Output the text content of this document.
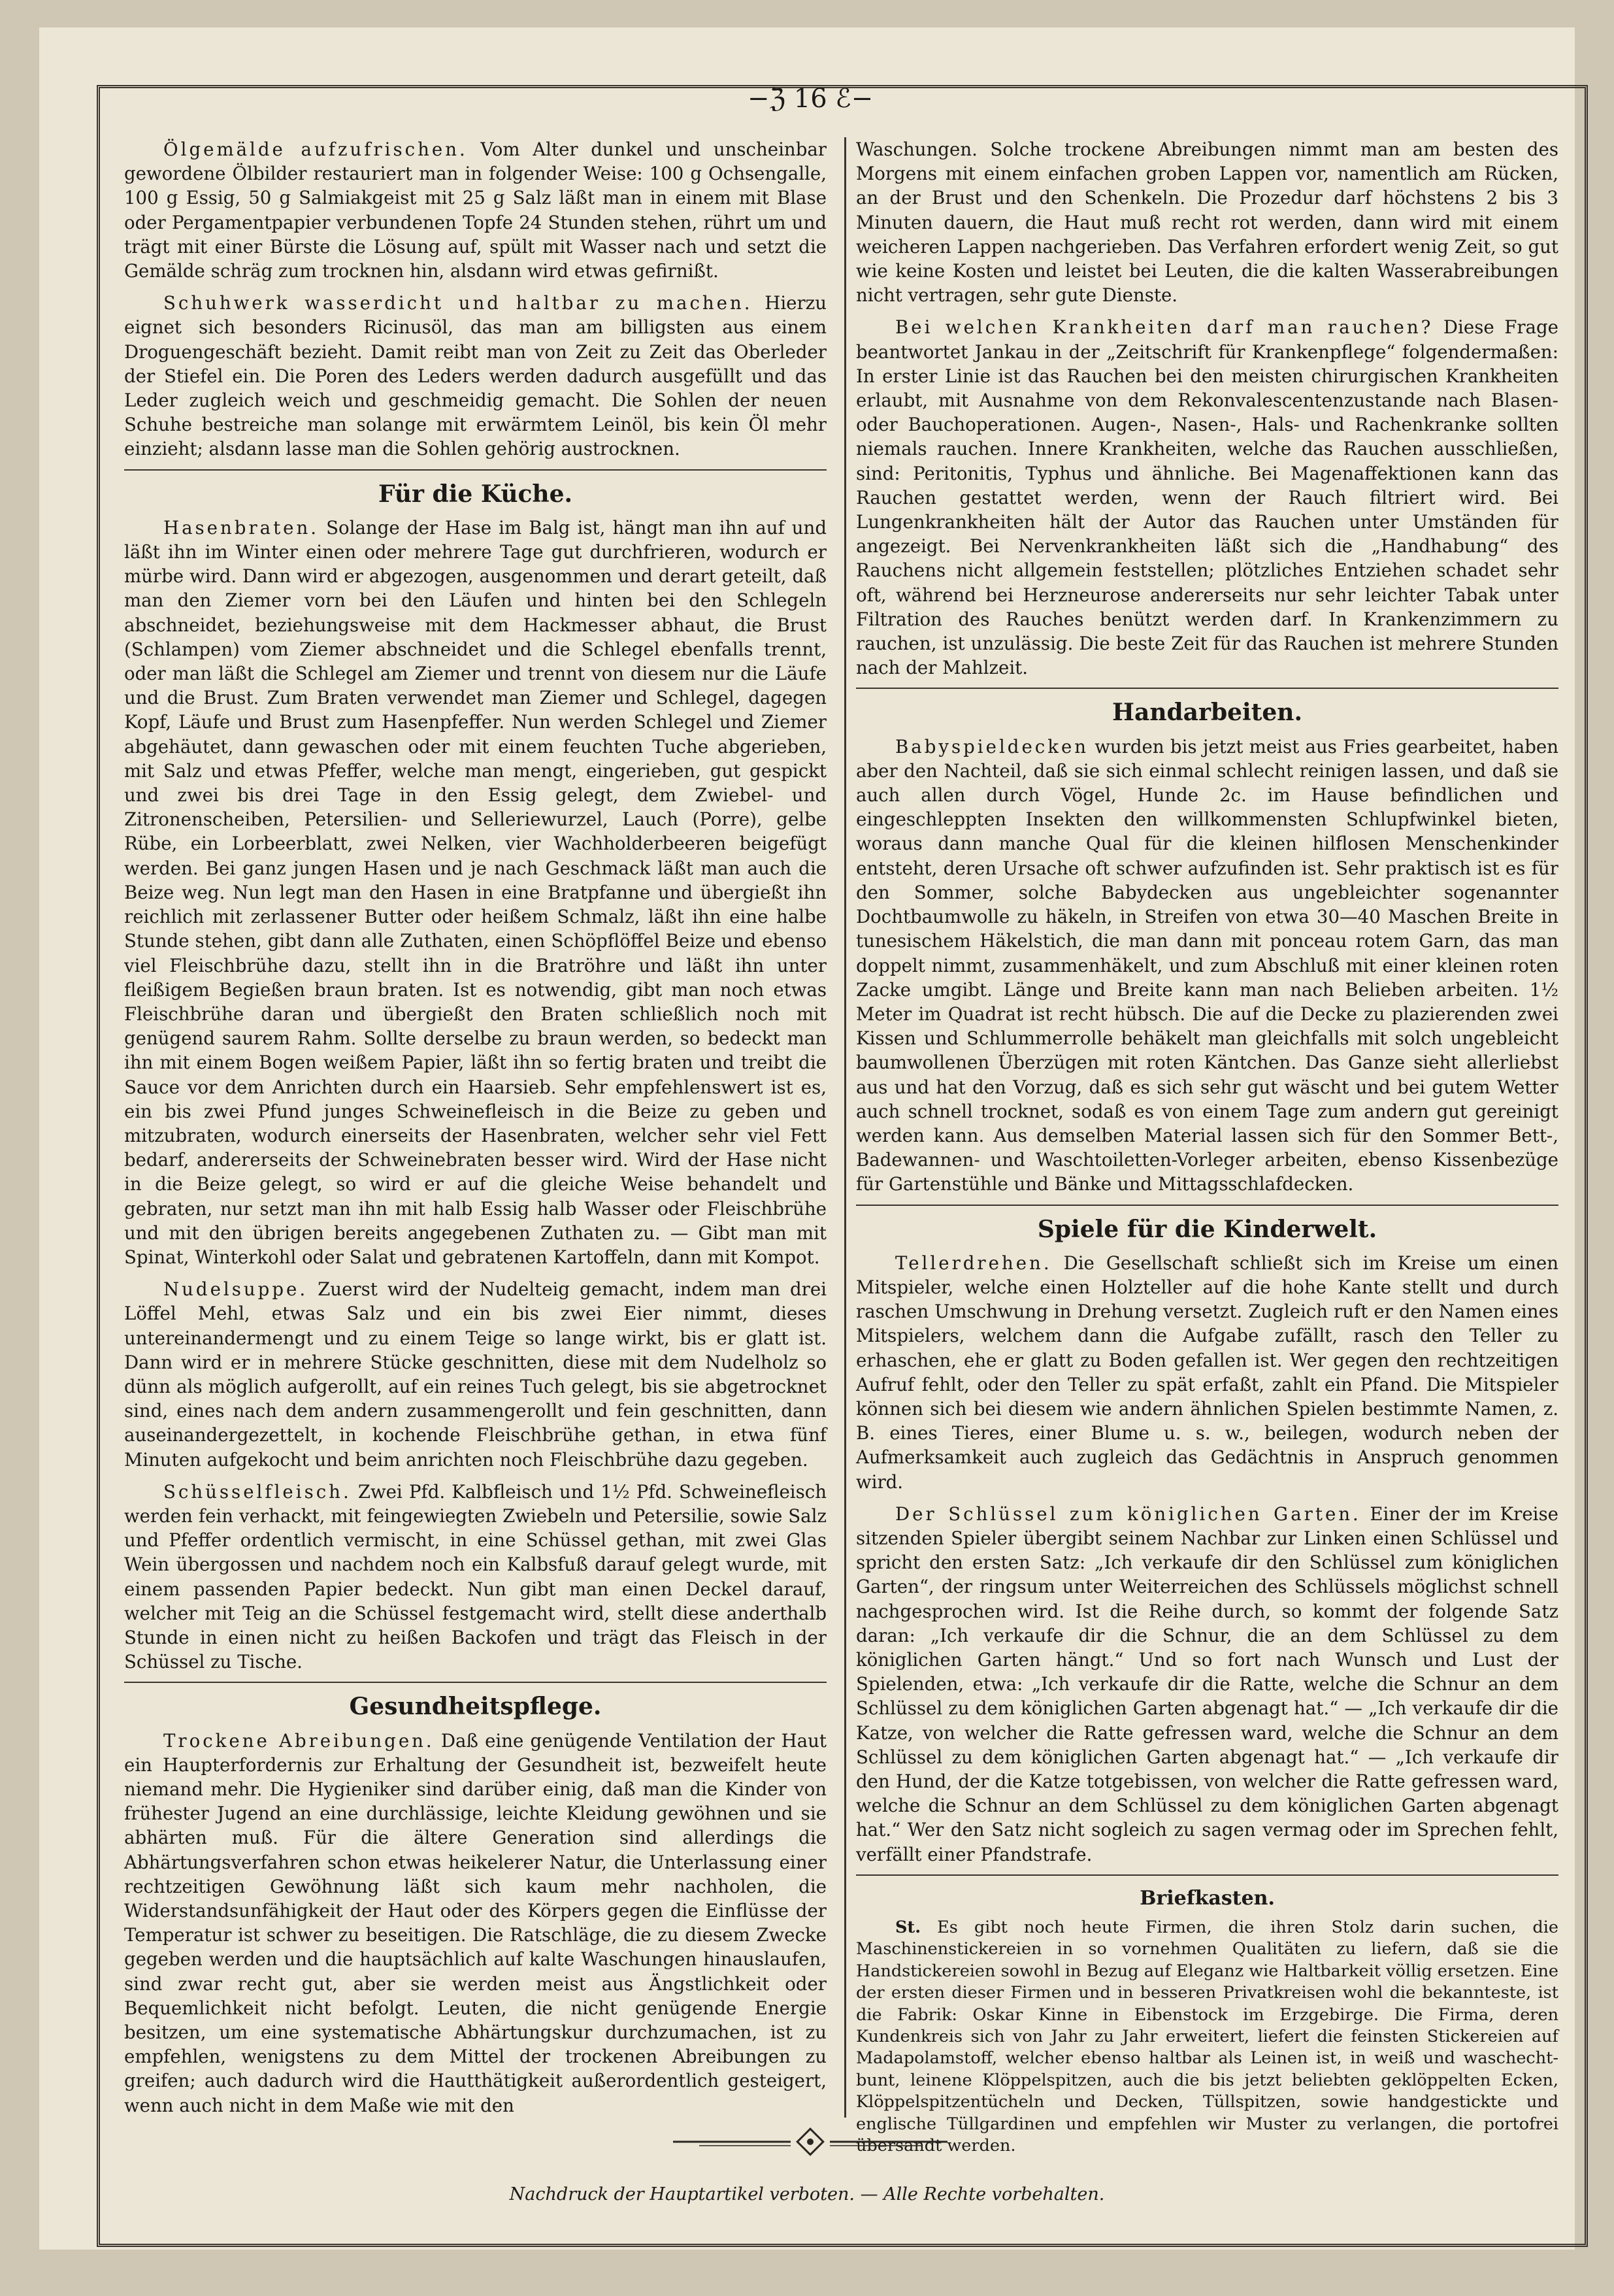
−ℨ 16 ℰ−

Ölgemälde aufzufrischen. Vom Alter dunkel und unscheinbar gewordene Ölbilder restauriert man in folgender Weise: 100 g Ochsengalle, 100 g Essig, 50 g Salmiakgeist mit 25 g Salz läßt man in einem mit Blase oder Pergamentpapier verbundenen Topfe 24 Stunden stehen, rührt um und trägt mit einer Bürste die Lösung auf, spült mit Wasser nach und setzt die Gemälde schräg zum trocknen hin, alsdann wird etwas gefirnißt.

Schuhwerk wasserdicht und haltbar zu machen. Hierzu eignet sich besonders Ricinusöl, das man am billigsten aus einem Droguengeschäft bezieht. Damit reibt man von Zeit zu Zeit das Oberleder der Stiefel ein. Die Poren des Leders werden dadurch ausgefüllt und das Leder zugleich weich und geschmeidig gemacht. Die Sohlen der neuen Schuhe bestreiche man solange mit erwärmtem Leinöl, bis kein Öl mehr einzieht; alsdann lasse man die Sohlen gehörig austrocknen.

Für die Küche.

Hasenbraten. Solange der Hase im Balg ist, hängt man ihn auf und läßt ihn im Winter einen oder mehrere Tage gut durchfrieren, wodurch er mürbe wird. Dann wird er abgezogen, ausgenommen und derart geteilt, daß man den Ziemer vorn bei den Läufen und hinten bei den Schlegeln abschneidet, beziehungsweise mit dem Hackmesser abhaut, die Brust (Schlampen) vom Ziemer abschneidet und die Schlegel ebenfalls trennt, oder man läßt die Schlegel am Ziemer und trennt von diesem nur die Läufe und die Brust. Zum Braten verwendet man Ziemer und Schlegel, dagegen Kopf, Läufe und Brust zum Hasenpfeffer. Nun werden Schlegel und Ziemer abgehäutet, dann gewaschen oder mit einem feuchten Tuche abgerieben, mit Salz und etwas Pfeffer, welche man mengt, eingerieben, gut gespickt und zwei bis drei Tage in den Essig gelegt, dem Zwiebel- und Zitronenscheiben, Petersilien- und Selleriewurzel, Lauch (Porre), gelbe Rübe, ein Lorbeerblatt, zwei Nelken, vier Wachholderbeeren beigefügt werden. Bei ganz jungen Hasen und je nach Geschmack läßt man auch die Beize weg. Nun legt man den Hasen in eine Bratpfanne und übergießt ihn reichlich mit zerlassener Butter oder heißem Schmalz, läßt ihn eine halbe Stunde stehen, gibt dann alle Zuthaten, einen Schöpflöffel Beize und ebenso viel Fleischbrühe dazu, stellt ihn in die Bratröhre und läßt ihn unter fleißigem Begießen braun braten. Ist es notwendig, gibt man noch etwas Fleischbrühe daran und übergießt den Braten schließlich noch mit genügend saurem Rahm. Sollte derselbe zu braun werden, so bedeckt man ihn mit einem Bogen weißem Papier, läßt ihn so fertig braten und treibt die Sauce vor dem Anrichten durch ein Haarsieb. Sehr empfehlenswert ist es, ein bis zwei Pfund junges Schweinefleisch in die Beize zu geben und mitzubraten, wodurch einerseits der Hasenbraten, welcher sehr viel Fett bedarf, andererseits der Schweinebraten besser wird. Wird der Hase nicht in die Beize gelegt, so wird er auf die gleiche Weise behandelt und gebraten, nur setzt man ihn mit halb Essig halb Wasser oder Fleischbrühe und mit den übrigen bereits angegebenen Zuthaten zu. — Gibt man mit Spinat, Winterkohl oder Salat und gebratenen Kartoffeln, dann mit Kompot.

Nudelsuppe. Zuerst wird der Nudelteig gemacht, indem man drei Löffel Mehl, etwas Salz und ein bis zwei Eier nimmt, dieses untereinandermengt und zu einem Teige so lange wirkt, bis er glatt ist. Dann wird er in mehrere Stücke geschnitten, diese mit dem Nudelholz so dünn als möglich aufgerollt, auf ein reines Tuch gelegt, bis sie abgetrocknet sind, eines nach dem andern zusammengerollt und fein geschnitten, dann auseinandergezettelt, in kochende Fleischbrühe gethan, in etwa fünf Minuten aufgekocht und beim anrichten noch Fleischbrühe dazu gegeben.

Schüsselfleisch. Zwei Pfd. Kalbfleisch und 1½ Pfd. Schweinefleisch werden fein verhackt, mit feingewiegten Zwiebeln und Petersilie, sowie Salz und Pfeffer ordentlich vermischt, in eine Schüssel gethan, mit zwei Glas Wein übergossen und nachdem noch ein Kalbsfuß darauf gelegt wurde, mit einem passenden Papier bedeckt. Nun gibt man einen Deckel darauf, welcher mit Teig an die Schüssel festgemacht wird, stellt diese anderthalb Stunde in einen nicht zu heißen Backofen und trägt das Fleisch in der Schüssel zu Tische.

Gesundheitspflege.

Trockene Abreibungen. Daß eine genügende Ventilation der Haut ein Haupterfordernis zur Erhaltung der Gesundheit ist, bezweifelt heute niemand mehr. Die Hygieniker sind darüber einig, daß man die Kinder von frühester Jugend an eine durchlässige, leichte Kleidung gewöhnen und sie abhärten muß. Für die ältere Generation sind allerdings die Abhärtungsverfahren schon etwas heikelerer Natur, die Unterlassung einer rechtzeitigen Gewöhnung läßt sich kaum mehr nachholen, die Widerstandsunfähigkeit der Haut oder des Körpers gegen die Einflüsse der Temperatur ist schwer zu beseitigen. Die Ratschläge, die zu diesem Zwecke gegeben werden und die hauptsächlich auf kalte Waschungen hinauslaufen, sind zwar recht gut, aber sie werden meist aus Ängstlichkeit oder Bequemlichkeit nicht befolgt. Leuten, die nicht genügende Energie besitzen, um eine systematische Abhärtungskur durchzumachen, ist zu empfehlen, wenigstens zu dem Mittel der trockenen Abreibungen zu greifen; auch dadurch wird die Hautthätigkeit außerordentlich gesteigert, wenn auch nicht in dem Maße wie mit den

Waschungen. Solche trockene Abreibungen nimmt man am besten des Morgens mit einem einfachen groben Lappen vor, namentlich am Rücken, an der Brust und den Schenkeln. Die Prozedur darf höchstens 2 bis 3 Minuten dauern, die Haut muß recht rot werden, dann wird mit einem weicheren Lappen nachgerieben. Das Verfahren erfordert wenig Zeit, so gut wie keine Kosten und leistet bei Leuten, die die kalten Wasserabreibungen nicht vertragen, sehr gute Dienste.

Bei welchen Krankheiten darf man rauchen? Diese Frage beantwortet Jankau in der „Zeitschrift für Krankenpflege“ folgendermaßen: In erster Linie ist das Rauchen bei den meisten chirurgischen Krankheiten erlaubt, mit Ausnahme von dem Rekonvalescentenzustande nach Blasen- oder Bauchoperationen. Augen-, Nasen-, Hals- und Rachenkranke sollten niemals rauchen. Innere Krankheiten, welche das Rauchen ausschließen, sind: Peritonitis, Typhus und ähnliche. Bei Magenaffektionen kann das Rauchen gestattet werden, wenn der Rauch filtriert wird. Bei Lungenkrankheiten hält der Autor das Rauchen unter Umständen für angezeigt. Bei Nervenkrankheiten läßt sich die „Handhabung“ des Rauchens nicht allgemein feststellen; plötzliches Entziehen schadet sehr oft, während bei Herzneurose andererseits nur sehr leichter Tabak unter Filtration des Rauches benützt werden darf. In Krankenzimmern zu rauchen, ist unzulässig. Die beste Zeit für das Rauchen ist mehrere Stunden nach der Mahlzeit.

Handarbeiten.

Babyspieldecken wurden bis jetzt meist aus Fries gearbeitet, haben aber den Nachteil, daß sie sich einmal schlecht reinigen lassen, und daß sie auch allen durch Vögel, Hunde 2c. im Hause befindlichen und eingeschleppten Insekten den willkommensten Schlupfwinkel bieten, woraus dann manche Qual für die kleinen hilflosen Menschenkinder entsteht, deren Ursache oft schwer aufzufinden ist. Sehr praktisch ist es für den Sommer, solche Babydecken aus ungebleichter sogenannter Dochtbaumwolle zu häkeln, in Streifen von etwa 30—40 Maschen Breite in tunesischem Häkelstich, die man dann mit ponceau rotem Garn, das man doppelt nimmt, zusammenhäkelt, und zum Abschluß mit einer kleinen roten Zacke umgibt. Länge und Breite kann man nach Belieben arbeiten. 1½ Meter im Quadrat ist recht hübsch. Die auf die Decke zu plazierenden zwei Kissen und Schlummerrolle behäkelt man gleichfalls mit solch ungebleicht baumwollenen Überzügen mit roten Käntchen. Das Ganze sieht allerliebst aus und hat den Vorzug, daß es sich sehr gut wäscht und bei gutem Wetter auch schnell trocknet, sodaß es von einem Tage zum andern gut gereinigt werden kann. Aus demselben Material lassen sich für den Sommer Bett-, Badewannen- und Waschtoiletten-Vorleger arbeiten, ebenso Kissenbezüge für Gartenstühle und Bänke und Mittagsschlafdecken.

Spiele für die Kinderwelt.

Tellerdrehen. Die Gesellschaft schließt sich im Kreise um einen Mitspieler, welche einen Holzteller auf die hohe Kante stellt und durch raschen Umschwung in Drehung versetzt. Zugleich ruft er den Namen eines Mitspielers, welchem dann die Aufgabe zufällt, rasch den Teller zu erhaschen, ehe er glatt zu Boden gefallen ist. Wer gegen den rechtzeitigen Aufruf fehlt, oder den Teller zu spät erfaßt, zahlt ein Pfand. Die Mitspieler können sich bei diesem wie andern ähnlichen Spielen bestimmte Namen, z. B. eines Tieres, einer Blume u. s. w., beilegen, wodurch neben der Aufmerksamkeit auch zugleich das Gedächtnis in Anspruch genommen wird.

Der Schlüssel zum königlichen Garten. Einer der im Kreise sitzenden Spieler übergibt seinem Nachbar zur Linken einen Schlüssel und spricht den ersten Satz: „Ich verkaufe dir den Schlüssel zum königlichen Garten“, der ringsum unter Weiterreichen des Schlüssels möglichst schnell nachgesprochen wird. Ist die Reihe durch, so kommt der folgende Satz daran: „Ich verkaufe dir die Schnur, die an dem Schlüssel zu dem königlichen Garten hängt.“ Und so fort nach Wunsch und Lust der Spielenden, etwa: „Ich verkaufe dir die Ratte, welche die Schnur an dem Schlüssel zu dem königlichen Garten abgenagt hat.“ — „Ich verkaufe dir die Katze, von welcher die Ratte gefressen ward, welche die Schnur an dem Schlüssel zu dem königlichen Garten abgenagt hat.“ — „Ich verkaufe dir den Hund, der die Katze totgebissen, von welcher die Ratte gefressen ward, welche die Schnur an dem Schlüssel zu dem königlichen Garten abgenagt hat.“ Wer den Satz nicht sogleich zu sagen vermag oder im Sprechen fehlt, verfällt einer Pfandstrafe.

Briefkasten.

St. Es gibt noch heute Firmen, die ihren Stolz darin suchen, die Maschinenstickereien in so vornehmen Qualitäten zu liefern, daß sie die Handstickereien sowohl in Bezug auf Eleganz wie Haltbarkeit völlig ersetzen. Eine der ersten dieser Firmen und in besseren Privatkreisen wohl die bekannteste, ist die Fabrik: Oskar Kinne in Eibenstock im Erzgebirge. Die Firma, deren Kundenkreis sich von Jahr zu Jahr erweitert, liefert die feinsten Stickereien auf Madapolamstoff, welcher ebenso haltbar als Leinen ist, in weiß und waschecht-bunt, leinene Klöppelspitzen, auch die bis jetzt beliebten geklöppelten Ecken, Klöppelspitzentücheln und Decken, Tüllspitzen, sowie handgestickte und englische Tüllgardinen und empfehlen wir Muster zu verlangen, die portofrei übersandt werden.

Nachdruck der Hauptartikel verboten. — Alle Rechte vorbehalten.
